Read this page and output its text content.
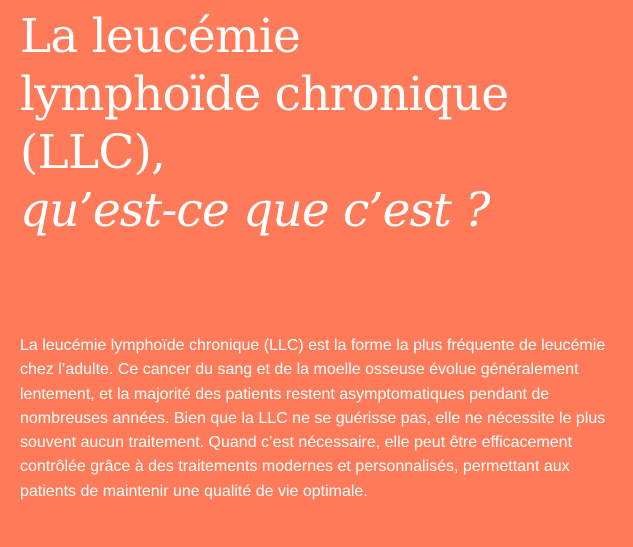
La leucémie
lymphoïde chronique
(LLC),
qu’est-ce que c’est ?

La leucémie lymphoïde chronique (LLC) est la forme la plus fréquente de leucémie chez l’adulte. Ce cancer du sang et de la moelle osseuse évolue généralement lentement, et la majorité des patients restent asymptomatiques pendant de nombreuses années. Bien que la LLC ne se guérisse pas, elle ne nécessite le plus souvent aucun traitement. Quand c’est nécessaire, elle peut être efficacement contrôlée grâce à des traitements modernes et personnalisés, permettant aux patients de maintenir une qualité de vie optimale.
